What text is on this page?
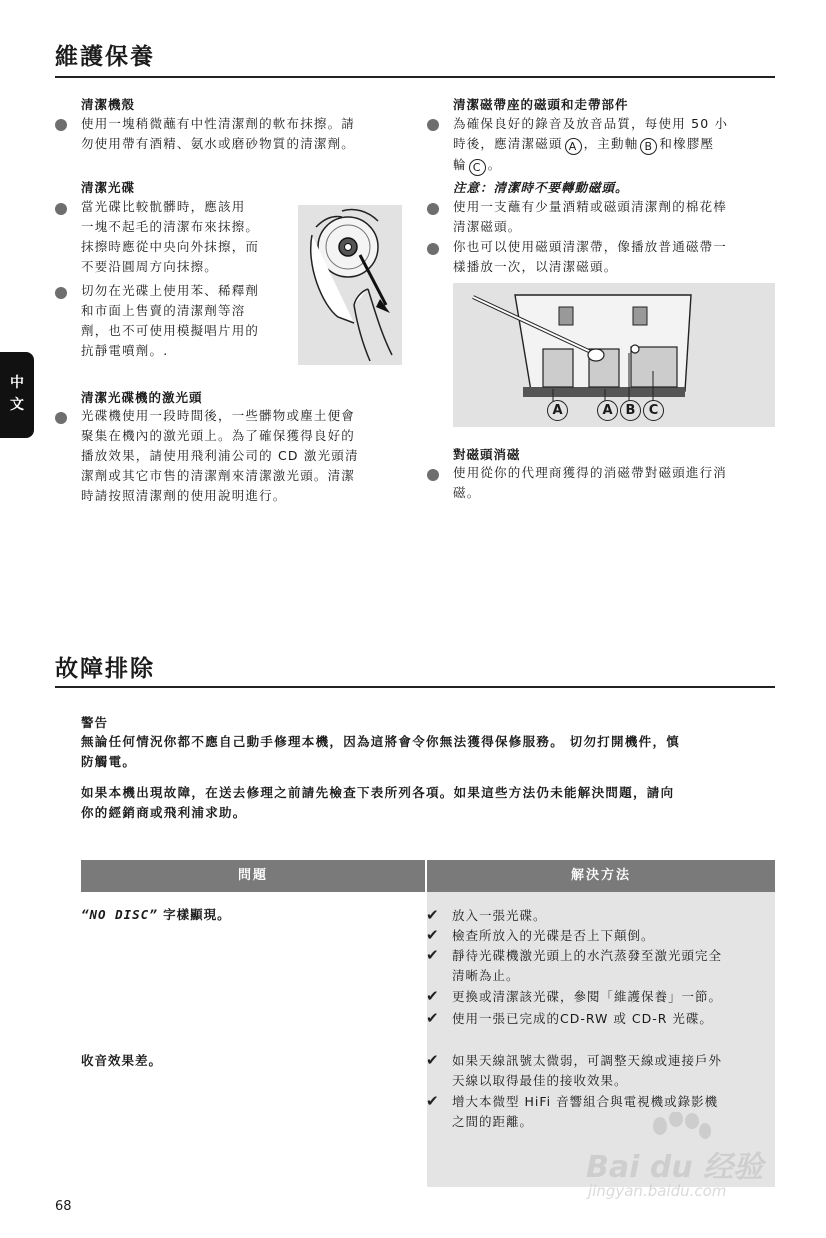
維護保養
清潔機殼

使用一塊稍微蘸有中性清潔劑的軟布抹擦。請

勿使用帶有酒精、氨水或磨砂物質的清潔劑。

清潔光碟

當光碟比較骯髒時，應該用

一塊不起毛的清潔布來抹擦。

抹擦時應從中央向外抹擦，而

不要沿圓周方向抹擦。

切勿在光碟上使用苯、稀釋劑

和市面上售賣的清潔劑等溶

劑，也不可使用模擬唱片用的

抗靜電噴劑。.

清潔光碟機的激光頭

光碟機使用一段時間後，一些髒物或塵土便會

聚集在機內的激光頭上。為了確保獲得良好的

播放效果，請使用飛利浦公司的 CD 激光頭清

潔劑或其它市售的清潔劑來清潔激光頭。清潔

時請按照清潔劑的使用說明進行。

清潔磁帶座的磁頭和走帶部件

為確保良好的錄音及放音品質，每使用 50 小

時後，應清潔磁頭 A ，主動軸 B 和橡膠壓

輪 C 。

注意：清潔時不要轉動磁頭。

使用一支蘸有少量酒精或磁頭清潔劑的棉花棒

清潔磁頭。

你也可以使用磁頭清潔帶，像播放普通磁帶一

樣播放一次，以清潔磁頭。

A	A	B	C
對磁頭消磁

使用從你的代理商獲得的消磁帶對磁頭進行消

磁。

中
文
故障排除
警告

無論任何情況你都不應自己動手修理本機，因為這將會令你無法獲得保修服務。 切勿打開機件，慎

防觸電。

如果本機出現故障，在送去修理之前請先檢查下表所列各項。如果這些方法仍未能解決問題，請向

你的經銷商或飛利浦求助。

問題	解決方法
“NO DISC” 字樣顯現。	✔ 放入一張光碟。
✔ 檢查所放入的光碟是否上下顛倒。
✔ 靜待光碟機激光頭上的水汽蒸發至激光頭完全
清晰為止。
✔ 更換或清潔該光碟，參閱「維護保養」一節。
✔ 使用一張已完成的CD-RW 或 CD-R 光碟。
收音效果差。	✔ 如果天線訊號太微弱，可調整天線或連接戶外
天線以取得最佳的接收效果。
✔ 增大本微型 HiFi 音響組合與電視機或錄影機
之間的距離。
Bai du 经验
jingyan.baidu.com
68
